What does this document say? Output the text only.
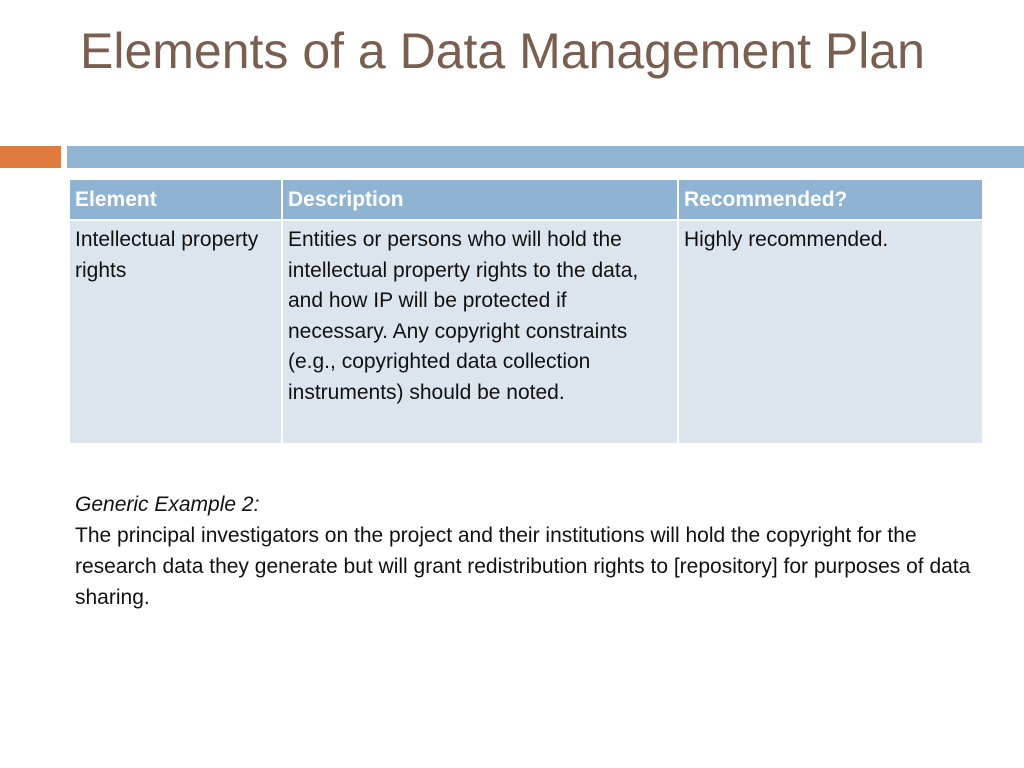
Elements of a Data Management Plan
Element	Description	Recommended?
Intellectual property rights	Entities or persons who will hold the intellectual property rights to the data, and how IP will be protected if necessary. Any copyright constraints (e.g., copyrighted data collection instruments) should be noted.	Highly recommended.
Generic Example 2:
The principal investigators on the project and their institutions will hold the copyright for the research data they generate but will grant redistribution rights to [repository] for purposes of data sharing.
